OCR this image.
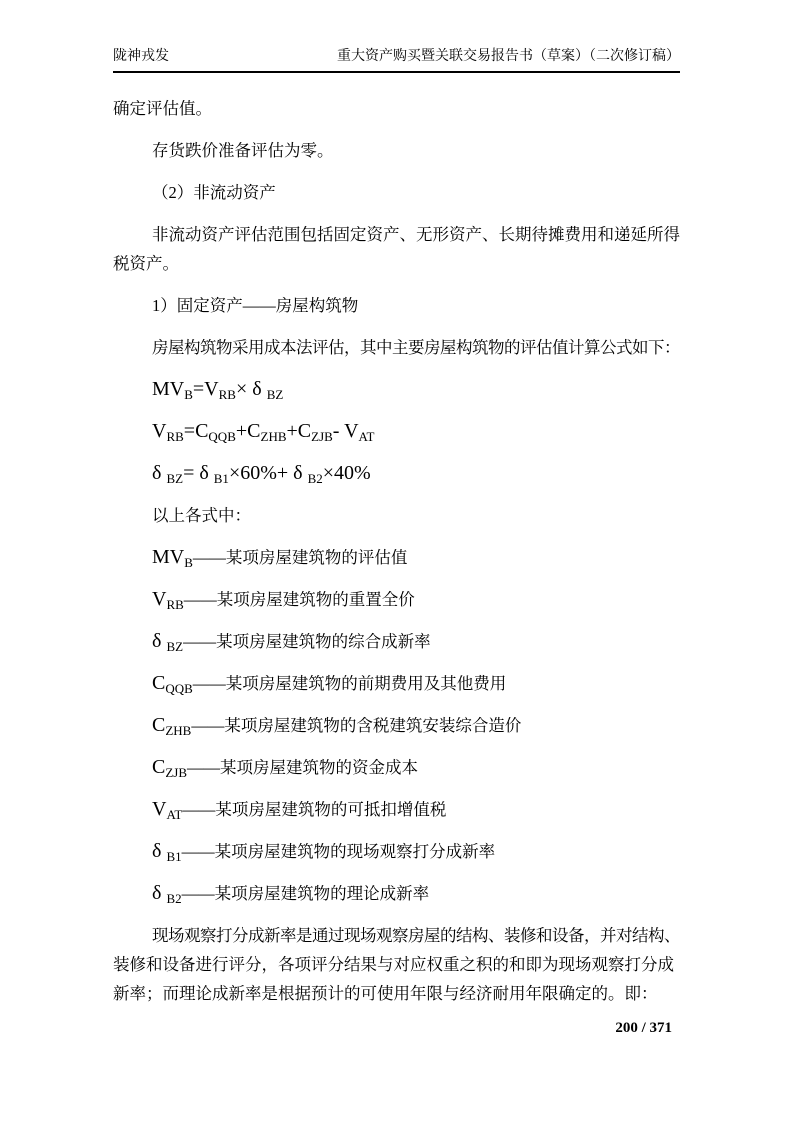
陇神戎发	重大资产购买暨关联交易报告书（草案）（二次修订稿）
确定评估值。
存货跌价准备评估为零。
（2）非流动资产
非流动资产评估范围包括固定资产、无形资产、长期待摊费用和递延所得
税资产。
1）固定资产——房屋构筑物
房屋构筑物采用成本法评估，其中主要房屋构筑物的评估值计算公式如下：
$MV_B=V_{RB}\times \delta$ $_{BZ}$
$V_{RB}=C_{QQB}+C_{ZHB}+C_{ZJB}-$ $V_{AT}$
δ $_{BZ}$= δ $_{B1}$×60%+ δ $_{B2}$×40%
以上各式中：
$MV_B——$某项房屋建筑物的评估值
$V_{RB}——$某项房屋建筑物的重置全价
δ $_{BZ}$——某项房屋建筑物的综合成新率
$C_{QQB}——$某项房屋建筑物的前期费用及其他费用
$C_{ZHB}——$某项房屋建筑物的含税建筑安装综合造价
$C_{ZJB}——$某项房屋建筑物的资金成本
$V_{AT}——$某项房屋建筑物的可抵扣增值税
δ $_{B1}$——某项房屋建筑物的现场观察打分成新率
δ $_{B2}$——某项房屋建筑物的理论成新率
现场观察打分成新率是通过现场观察房屋的结构、装修和设备，并对结构、
装修和设备进行评分，各项评分结果与对应权重之积的和即为现场观察打分成
新率；而理论成新率是根据预计的可使用年限与经济耐用年限确定的。即：
200 / 371
